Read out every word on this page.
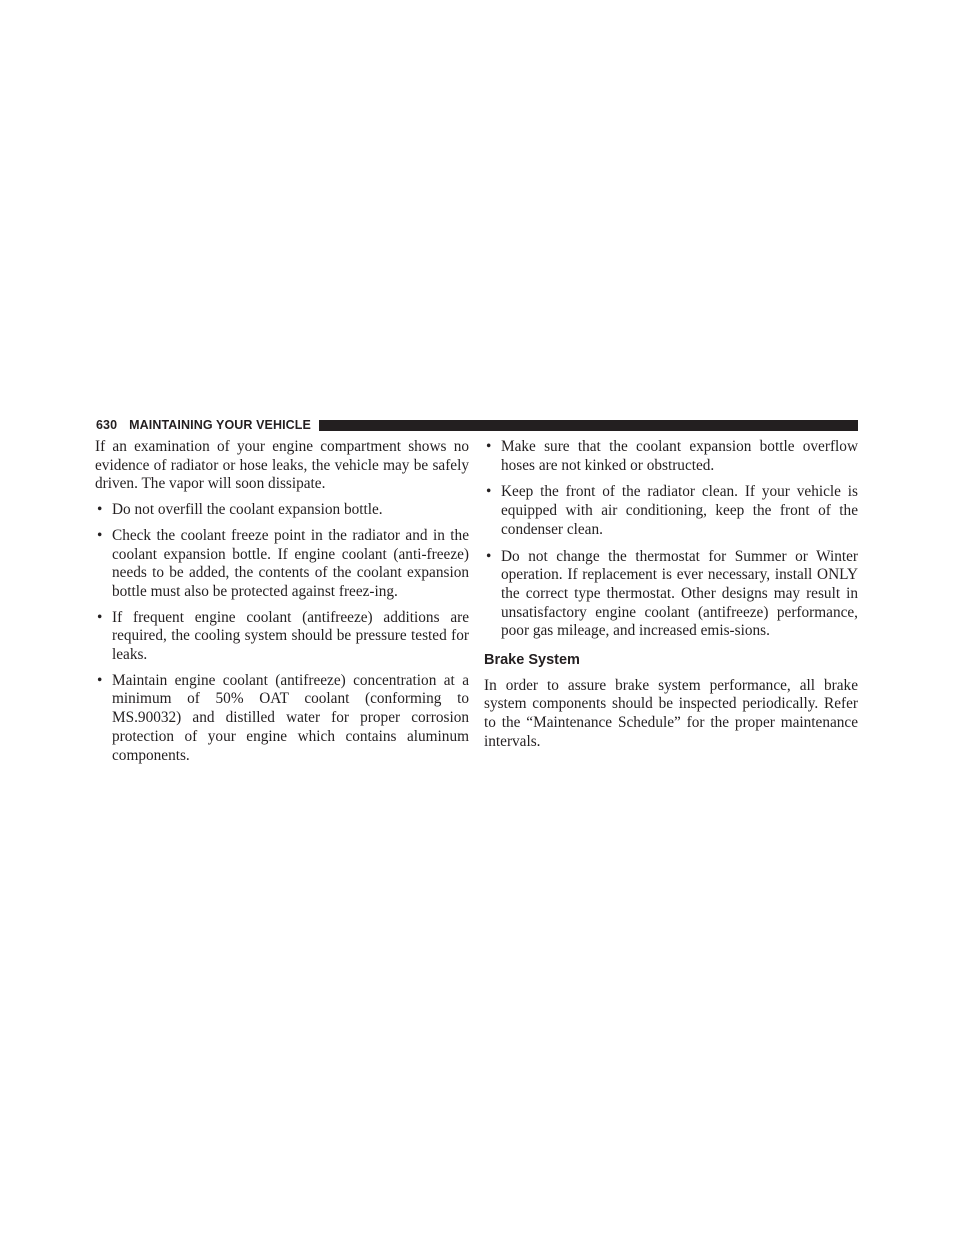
630 MAINTAINING YOUR VEHICLE

If an examination of your engine compartment shows no evidence of radiator or hose leaks, the vehicle may be safely driven. The vapor will soon dissipate.

• Do not overfill the coolant expansion bottle.
• Check the coolant freeze point in the radiator and in the coolant expansion bottle. If engine coolant (anti-freeze) needs to be added, the contents of the coolant expansion bottle must also be protected against freez-ing.
• If frequent engine coolant (antifreeze) additions are required, the cooling system should be pressure tested for leaks.
• Maintain engine coolant (antifreeze) concentration at a minimum of 50% OAT coolant (conforming to MS.90032) and distilled water for proper corrosion protection of your engine which contains aluminum components.
• Make sure that the coolant expansion bottle overflow hoses are not kinked or obstructed.
• Keep the front of the radiator clean. If your vehicle is equipped with air conditioning, keep the front of the condenser clean.
• Do not change the thermostat for Summer or Winter operation. If replacement is ever necessary, install ONLY the correct type thermostat. Other designs may result in unsatisfactory engine coolant (antifreeze) performance, poor gas mileage, and increased emis-sions.
Brake System

In order to assure brake system performance, all brake system components should be inspected periodically. Refer to the “Maintenance Schedule” for the proper maintenance intervals.
